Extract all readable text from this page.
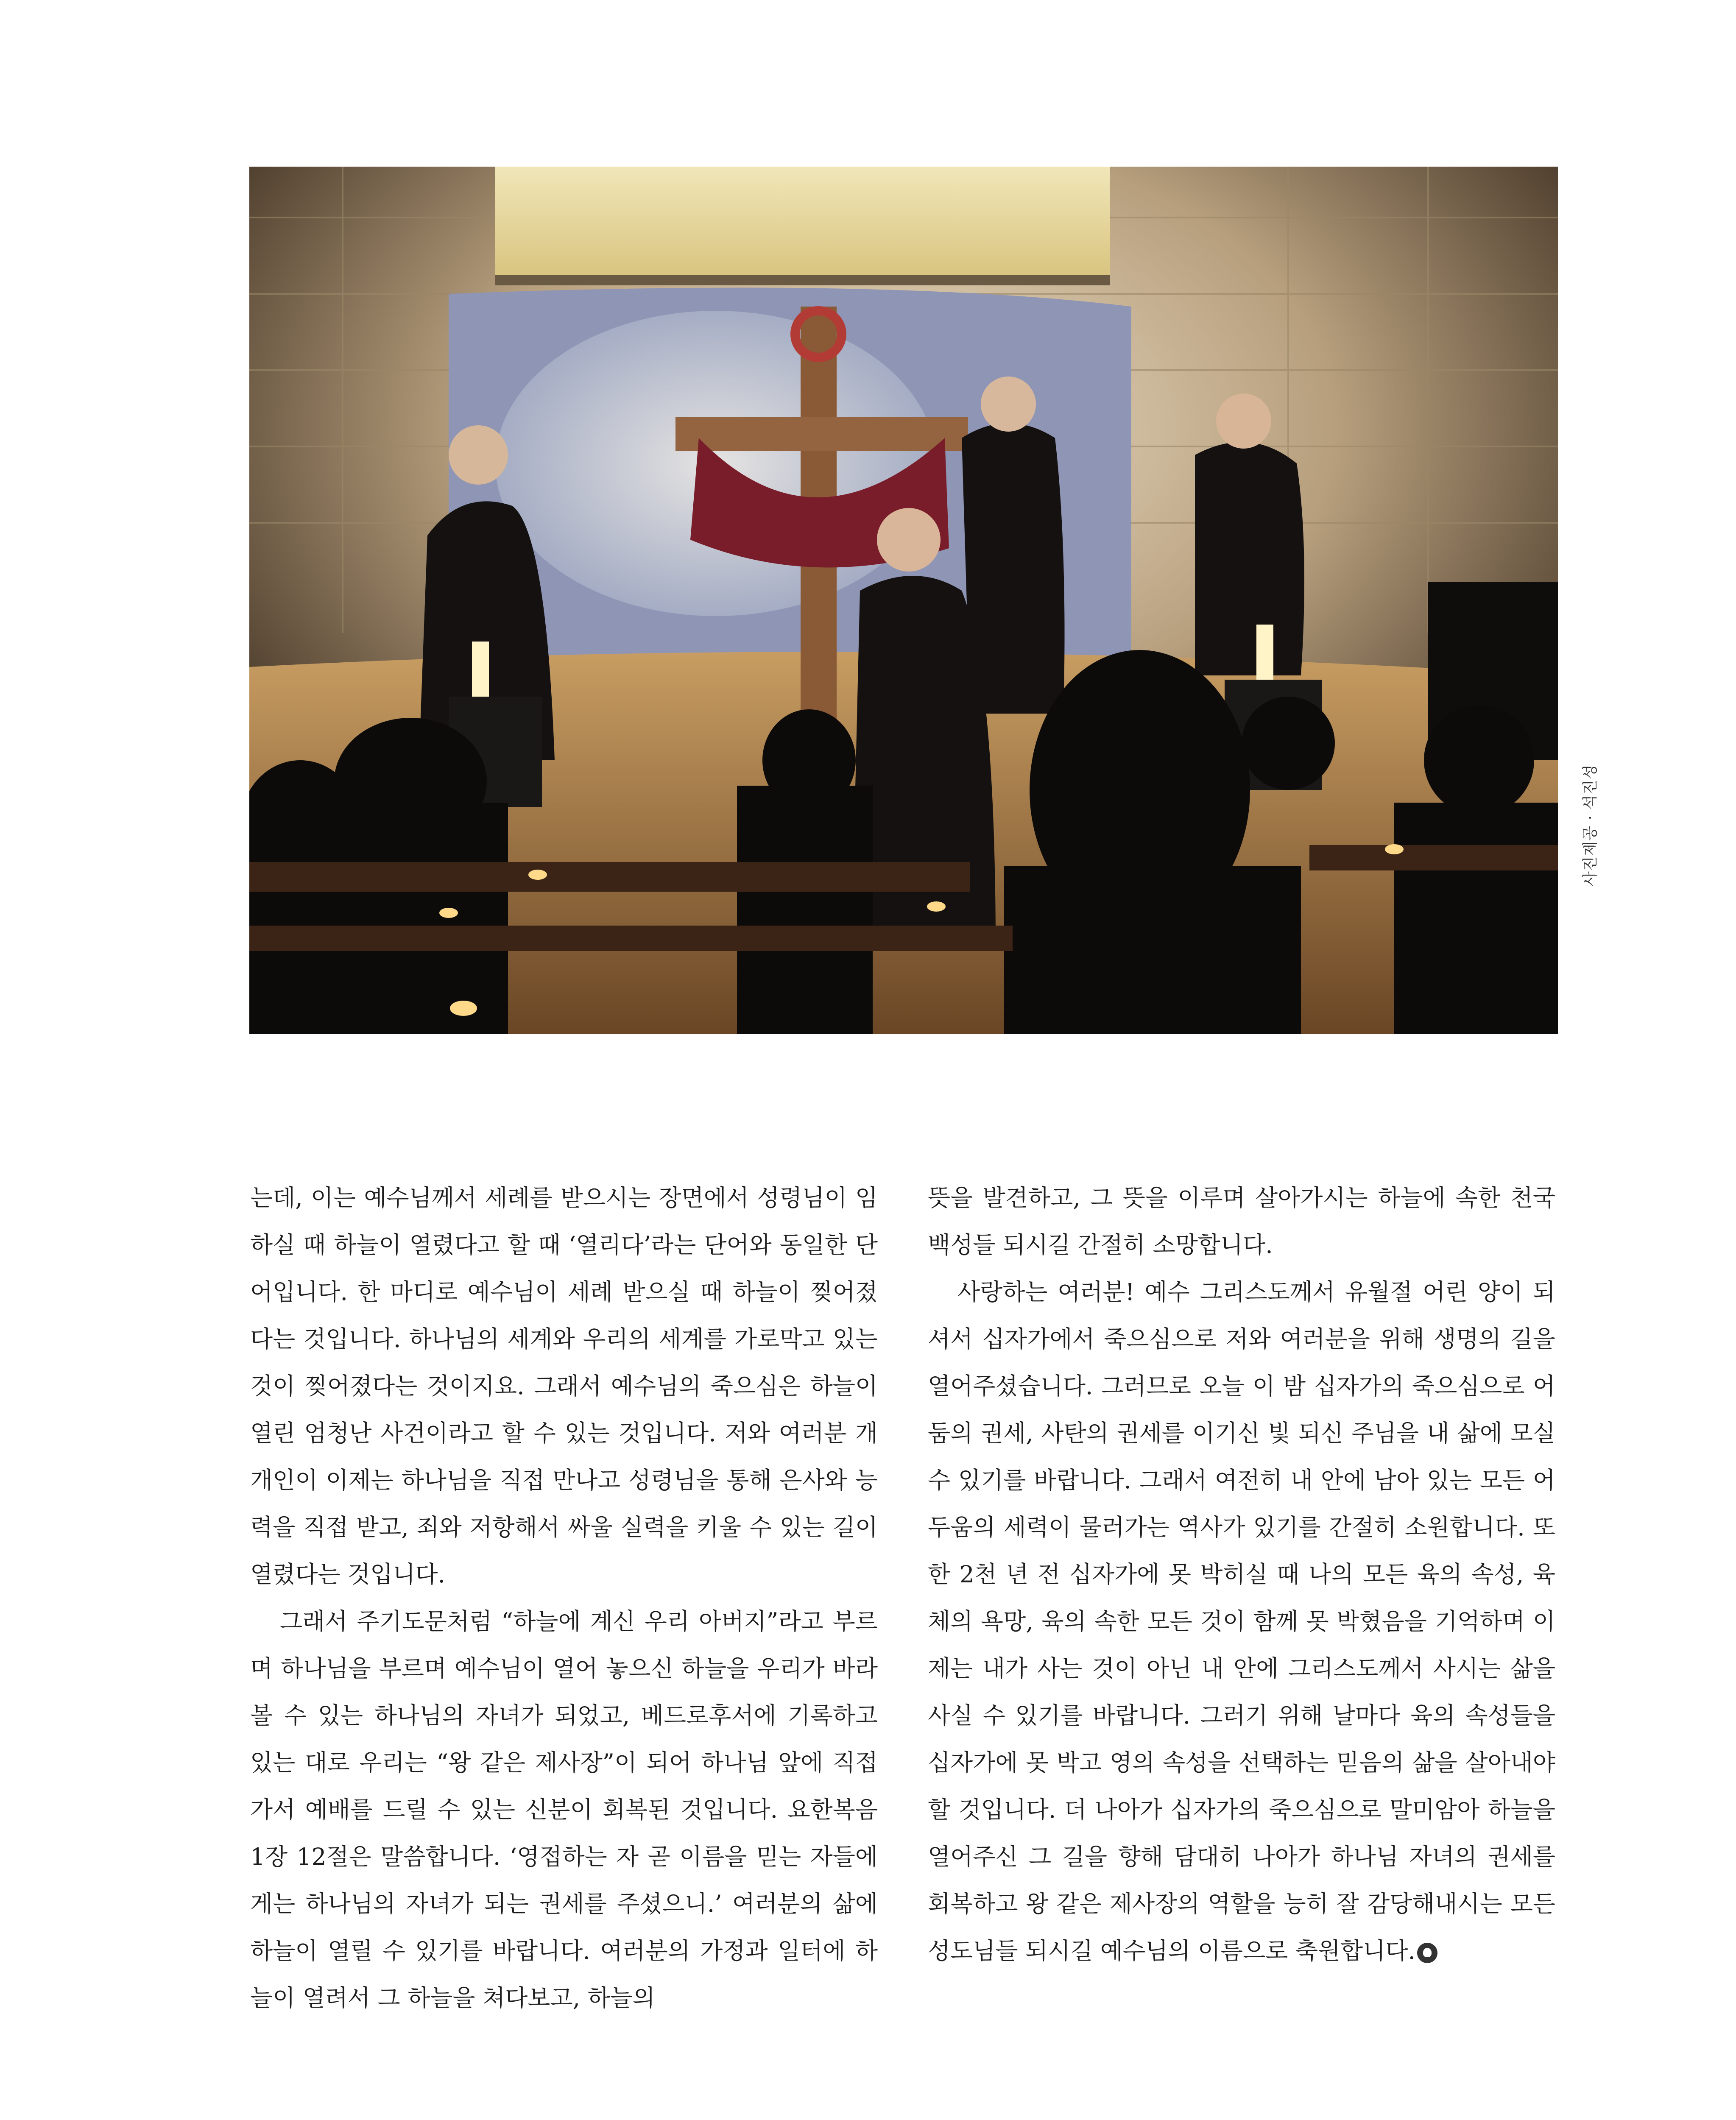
사진제공 · 석진성

는데, 이는 예수님께서 세례를 받으시는 장면에서 성령님이 임하실 때 하늘이 열렸다고 할 때 ‘열리다’라는 단어와 동일한 단어입니다. 한 마디로 예수님이 세례 받으실 때 하늘이 찢어졌다는 것입니다. 하나님의 세계와 우리의 세계를 가로막고 있는 것이 찢어졌다는 것이지요. 그래서 예수님의 죽으심은 하늘이 열린 엄청난 사건이라고 할 수 있는 것입니다. 저와 여러분 개개인이 이제는 하나님을 직접 만나고 성령님을 통해 은사와 능력을 직접 받고, 죄와 저항해서 싸울 실력을 키울 수 있는 길이 열렸다는 것입니다.

그래서 주기도문처럼 “하늘에 계신 우리 아버지”라고 부르며 하나님을 부르며 예수님이 열어 놓으신 하늘을 우리가 바라볼 수 있는 하나님의 자녀가 되었고, 베드로후서에 기록하고 있는 대로 우리는 “왕 같은 제사장”이 되어 하나님 앞에 직접 가서 예배를 드릴 수 있는 신분이 회복된 것입니다. 요한복음 1장 12절은 말씀합니다. ‘영접하는 자 곧 이름을 믿는 자들에게는 하나님의 자녀가 되는 권세를 주셨으니.’ 여러분의 삶에 하늘이 열릴 수 있기를 바랍니다. 여러분의 가정과 일터에 하늘이 열려서 그 하늘을 쳐다보고, 하늘의

뜻을 발견하고, 그 뜻을 이루며 살아가시는 하늘에 속한 천국 백성들 되시길 간절히 소망합니다.

사랑하는 여러분! 예수 그리스도께서 유월절 어린 양이 되셔서 십자가에서 죽으심으로 저와 여러분을 위해 생명의 길을 열어주셨습니다. 그러므로 오늘 이 밤 십자가의 죽으심으로 어둠의 권세, 사탄의 권세를 이기신 빛 되신 주님을 내 삶에 모실 수 있기를 바랍니다. 그래서 여전히 내 안에 남아 있는 모든 어두움의 세력이 물러가는 역사가 있기를 간절히 소원합니다. 또한 2천 년 전 십자가에 못 박히실 때 나의 모든 육의 속성, 육체의 욕망, 육의 속한 모든 것이 함께 못 박혔음을 기억하며 이제는 내가 사는 것이 아닌 내 안에 그리스도께서 사시는 삶을 사실 수 있기를 바랍니다. 그러기 위해 날마다 육의 속성들을 십자가에 못 박고 영의 속성을 선택하는 믿음의 삶을 살아내야 할 것입니다. 더 나아가 십자가의 죽으심으로 말미암아 하늘을 열어주신 그 길을 향해 담대히 나아가 하나님 자녀의 권세를 회복하고 왕 같은 제사장의 역할을 능히 잘 감당해내시는 모든 성도님들 되시길 예수님의 이름으로 축원합니다.
